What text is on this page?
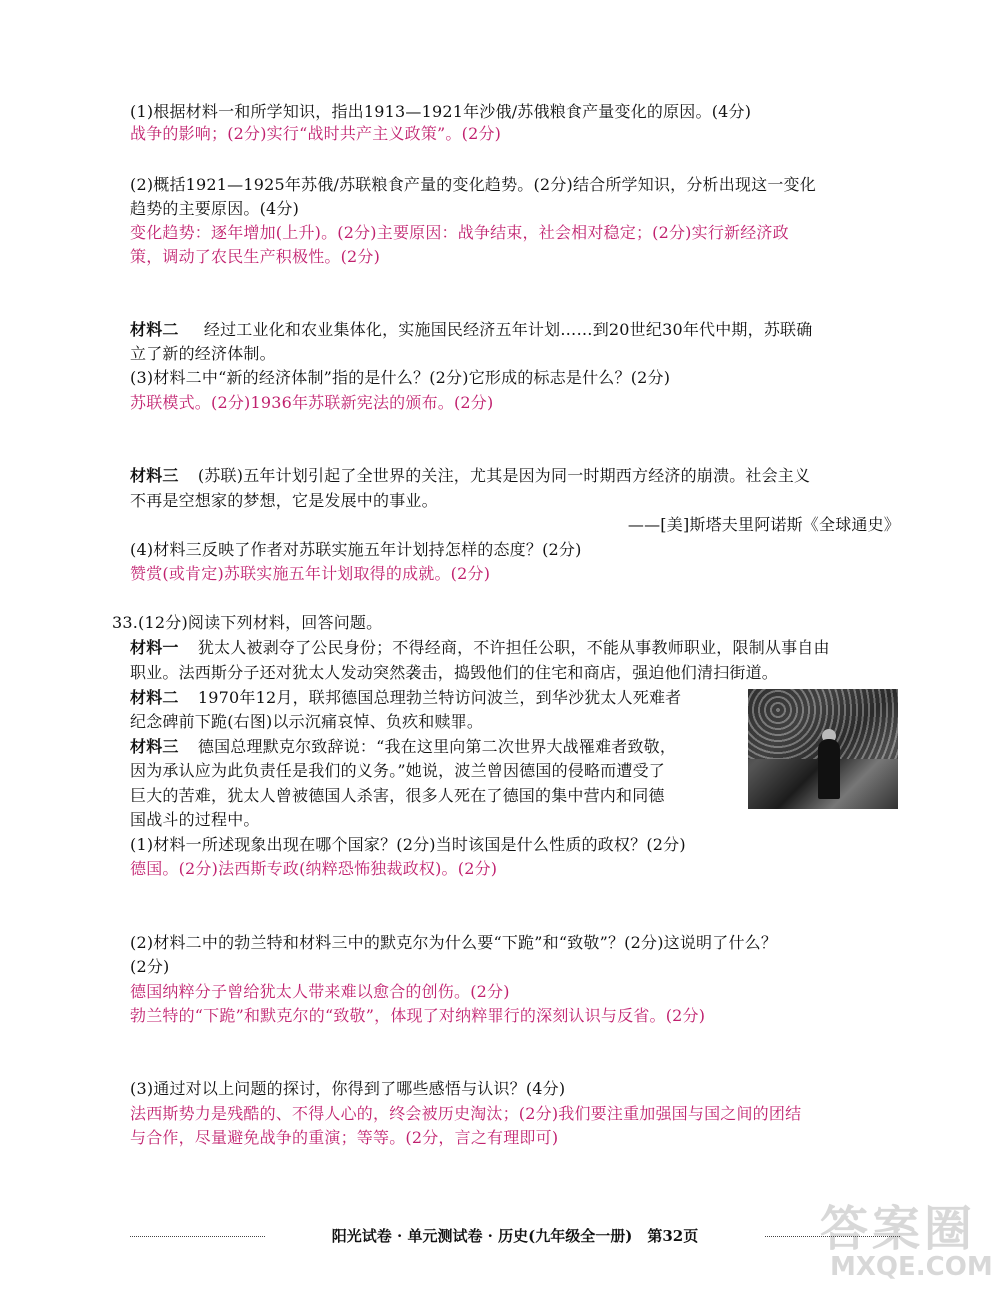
(1)根据材料一和所学知识，指出1913—1921年沙俄/苏俄粮食产量变化的原因。(4分)
战争的影响；(2分)实行“战时共产主义政策”。(2分)
(2)概括1921—1925年苏俄/苏联粮食产量的变化趋势。(2分)结合所学知识，分析出现这一变化
趋势的主要原因。(4分)
变化趋势：逐年增加(上升)。(2分)主要原因：战争结束，社会相对稳定；(2分)实行新经济政
策，调动了农民生产积极性。(2分)
材料二 经过工业化和农业集体化，实施国民经济五年计划……到20世纪30年代中期，苏联确
立了新的经济体制。
(3)材料二中“新的经济体制”指的是什么？(2分)它形成的标志是什么？(2分)
苏联模式。(2分)1936年苏联新宪法的颁布。(2分)
材料三 (苏联)五年计划引起了全世界的关注，尤其是因为同一时期西方经济的崩溃。社会主义
不再是空想家的梦想，它是发展中的事业。
——[美]斯塔夫里阿诺斯《全球通史》
(4)材料三反映了作者对苏联实施五年计划持怎样的态度？(2分)
赞赏(或肯定)苏联实施五年计划取得的成就。(2分)
33.(12分)阅读下列材料，回答问题。
材料一 犹太人被剥夺了公民身份；不得经商，不许担任公职，不能从事教师职业，限制从事自由
职业。法西斯分子还对犹太人发动突然袭击，捣毁他们的住宅和商店，强迫他们清扫街道。
材料二 1970年12月，联邦德国总理勃兰特访问波兰，到华沙犹太人死难者
纪念碑前下跪(右图)以示沉痛哀悼、负疚和赎罪。
材料三 德国总理默克尔致辞说：“我在这里向第二次世界大战罹难者致敬，
因为承认应为此负责任是我们的义务。”她说，波兰曾因德国的侵略而遭受了
巨大的苦难，犹太人曾被德国人杀害，很多人死在了德国的集中营内和同德
国战斗的过程中。
(1)材料一所述现象出现在哪个国家？(2分)当时该国是什么性质的政权？(2分)
德国。(2分)法西斯专政(纳粹恐怖独裁政权)。(2分)
(2)材料二中的勃兰特和材料三中的默克尔为什么要“下跪”和“致敬”？(2分)这说明了什么？
(2分)
德国纳粹分子曾给犹太人带来难以愈合的创伤。(2分)
勃兰特的“下跪”和默克尔的“致敬”，体现了对纳粹罪行的深刻认识与反省。(2分)
(3)通过对以上问题的探讨，你得到了哪些感悟与认识？(4分)
法西斯势力是残酷的、不得人心的，终会被历史淘汰；(2分)我们要注重加强国与国之间的团结
与合作，尽量避免战争的重演；等等。(2分，言之有理即可)
阳光试卷 · 单元测试卷 · 历史(九年级全一册)　第32页	答案圈
MXQE.COM
